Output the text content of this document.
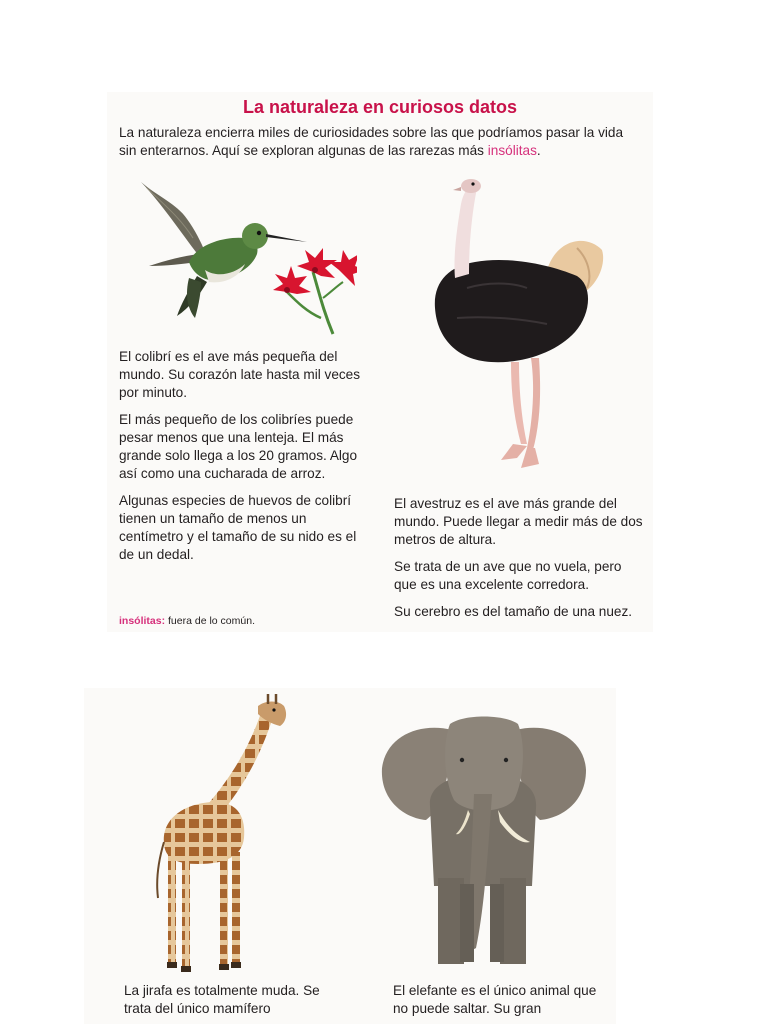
La naturaleza en curiosos datos
La naturaleza encierra miles de curiosidades sobre las que podríamos pasar la vida sin enterarnos. Aquí se exploran algunas de las rarezas más insólitas.

El colibrí es el ave más pequeña del mundo. Su corazón late hasta mil veces por minuto.

El más pequeño de los colibríes puede pesar menos que una lenteja. El más grande solo llega a los 20 gramos. Algo así como una cucharada de arroz.

Algunas especies de huevos de colibrí tienen un tamaño de menos un centímetro y el tamaño de su nido es el de un dedal.

El avestruz es el ave más grande del mundo. Puede llegar a medir más de dos metros de altura.

Se trata de un ave que no vuela, pero que es una excelente corredora.

Su cerebro es del tamaño de una nuez.

insólitas: fuera de lo común.
La jirafa es totalmente muda. Se trata del único mamífero
El elefante es el único animal que no puede saltar. Su gran
